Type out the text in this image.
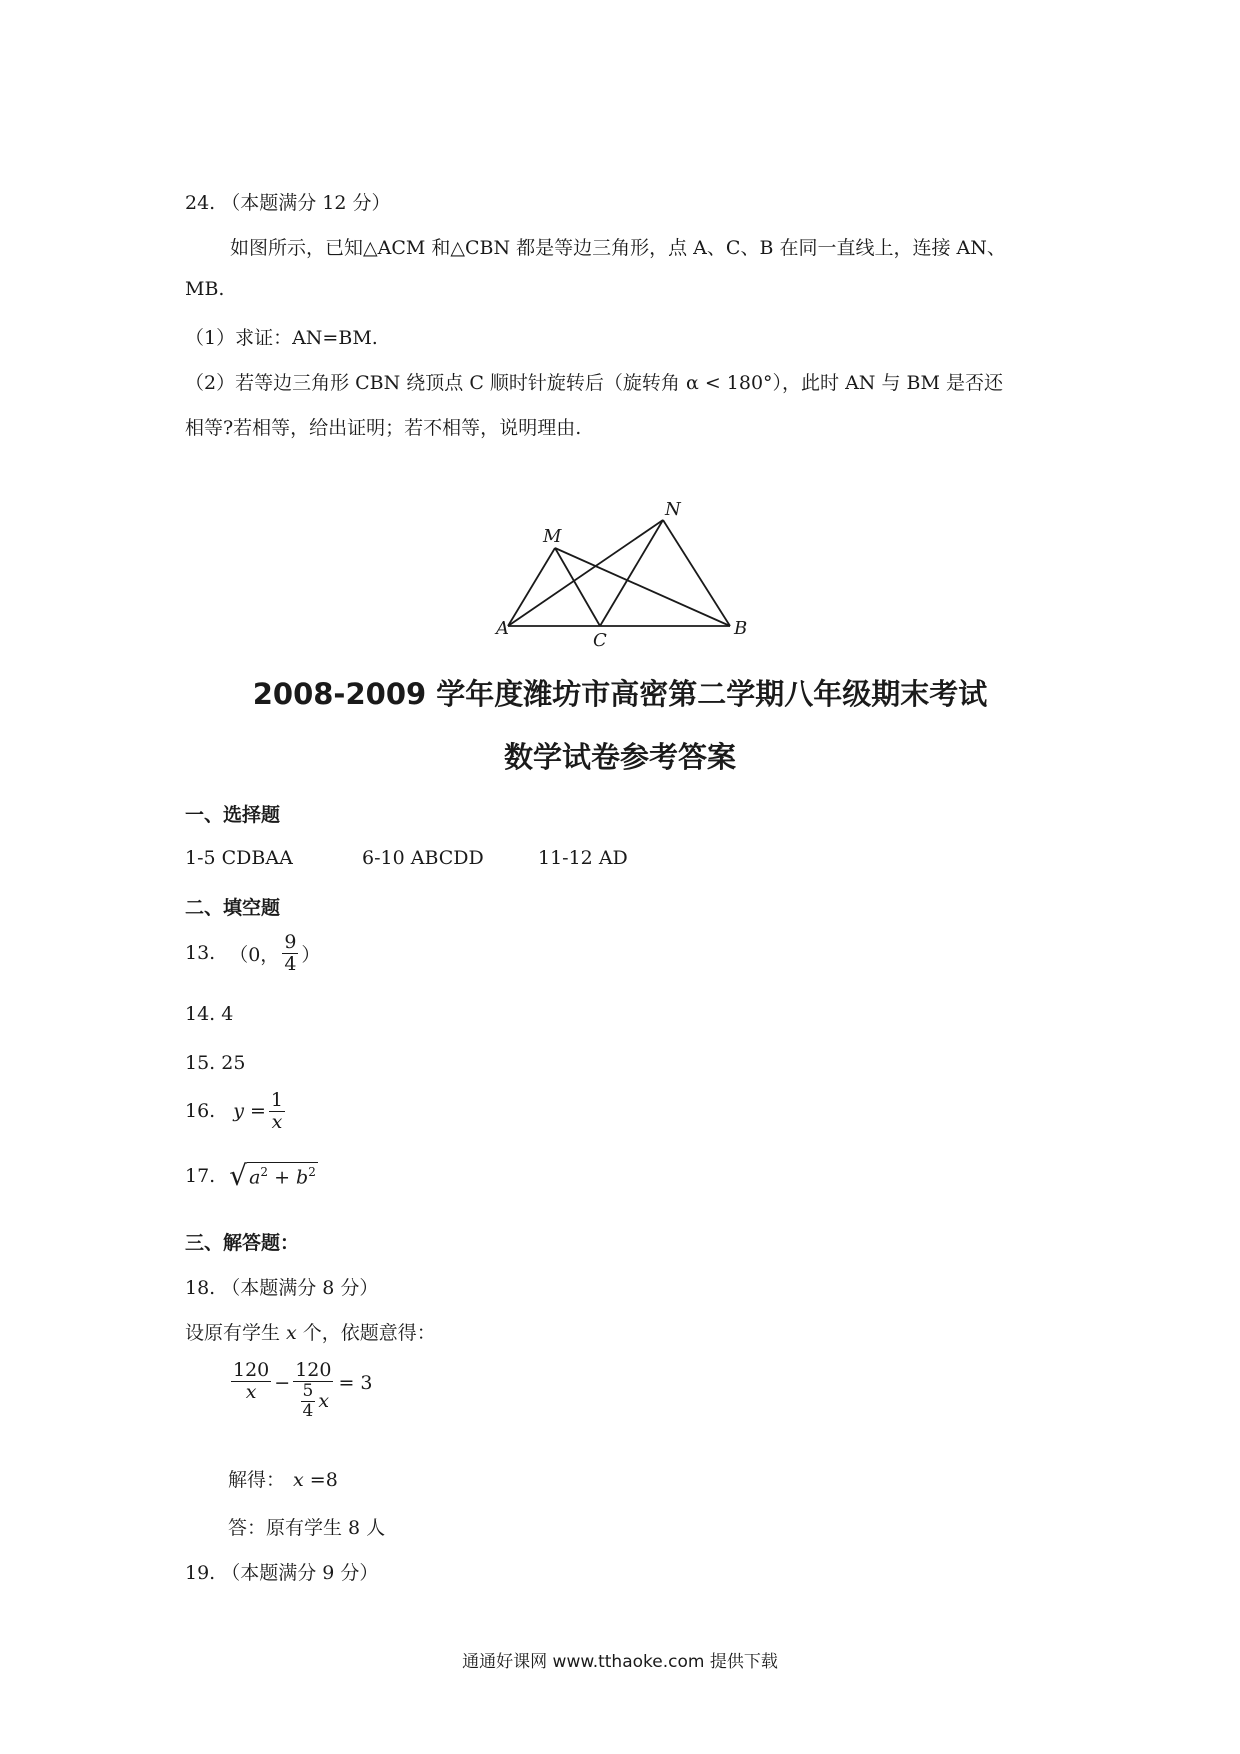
24. （本题满分 12 分）
如图所示，已知△ACM 和△CBN 都是等边三角形，点 A、C、B 在同一直线上，连接 AN、
MB.
（1）求证：AN=BM.
（2）若等边三角形 CBN 绕顶点 C 顺时针旋转后（旋转角 α < 180°），此时 AN 与 BM 是否还
相等?若相等，给出证明；若不相等，说明理由.
A
C
B
M
N
2008-2009 学年度潍坊市高密第二学期八年级期末考试
数学试卷参考答案
一、选择题
1-5 CDBAA	6-10 ABCDD	11-12 AD
二、填空题
13. （0， $\frac{9}{4}$ ）
14. 4
15. 25
16. $y = \frac{1}{x}$
17. √ $a^2 + b^2$
三、解答题：
18. （本题满分 8 分）
设原有学生 x 个，依题意得：
$\frac{120}{x} - \frac{120}{\frac{5}{4} x} = 3$
解得： x =8
答：原有学生 8 人
19. （本题满分 9 分）
通通好课网 www.tthaoke.com 提供下载
